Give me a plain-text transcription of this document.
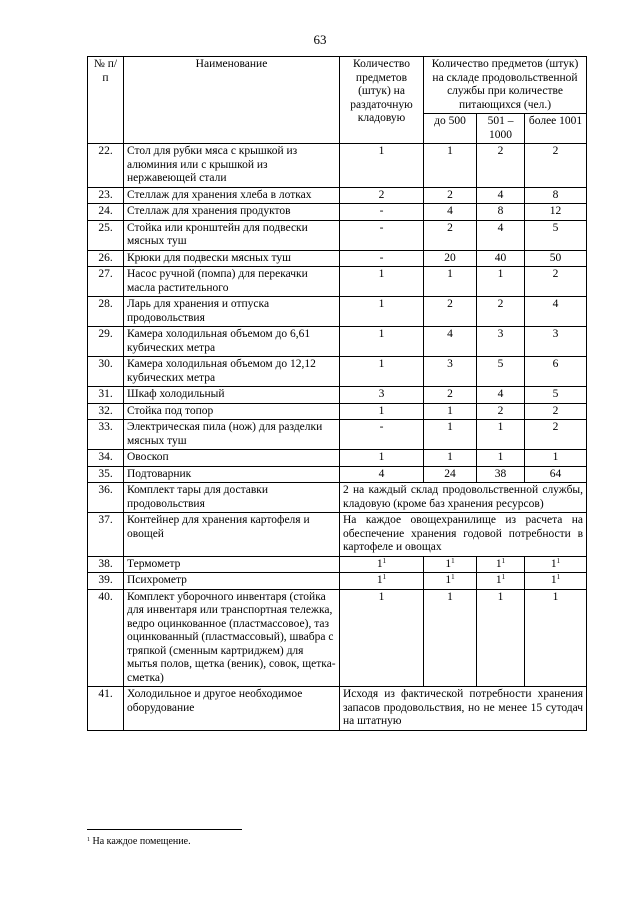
63
№ п/п	Наименование	Количество предметов (штук) на раздаточную кладовую	Количество предметов (штук) на складе продовольственной службы при количестве питающихся (чел.)		
			до 500	501 – 1000	более 1001
22.	Стол для рубки мяса с крышкой из алюминия или с крышкой из нержавеющей стали	1	1	2	2
23.	Стеллаж для хранения хлеба в лотках	2	2	4	8
24.	Стеллаж для хранения продуктов	-	4	8	12
25.	Стойка или кронштейн для подвески мясных туш	-	2	4	5
26.	Крюки для подвески мясных туш	-	20	40	50
27.	Насос ручной (помпа) для перекачки масла растительного	1	1	1	2
28.	Ларь для хранения и отпуска продовольствия	1	2	2	4
29.	Камера холодильная объемом до 6,61 кубических метра	1	4	3	3
30.	Камера холодильная объемом до 12,12 кубических метра	1	3	5	6
31.	Шкаф холодильный	3	2	4	5
32.	Стойка под топор	1	1	2	2
33.	Электрическая пила (нож) для разделки мясных туш	-	1	1	2
34.	Овоскоп	1	1	1	1
35.	Подтоварник	4	24	38	64
36.	Комплект тары для доставки продовольствия	2 на каждый склад продовольственной службы, кладовую (кроме баз хранения ресурсов)			
37.	Контейнер для хранения картофеля и овощей	На каждое овощехранилище из расчета на обеспечение хранения годовой потребности в картофеле и овощах			
38.	Термометр	$1^1$	$1^1$	$1^1$	$1^1$
39.	Психрометр	$1^1$	$1^1$	$1^1$	$1^1$
40.	Комплект уборочного инвентаря (стойка для инвентаря или транспортная тележка, ведро оцинкованное (пластмассовое), таз оцинкованный (пластмассовый), швабра с тряпкой (сменным картриджем) для мытья полов, щетка (веник), совок, щетка-сметка)	1	1	1	1
41.	Холодильное и другое необходимое оборудование	Исходя из фактической потребности хранения запасов продовольствия, но не менее 15 сутодач на штатную			
$^1$ На каждое помещение.
